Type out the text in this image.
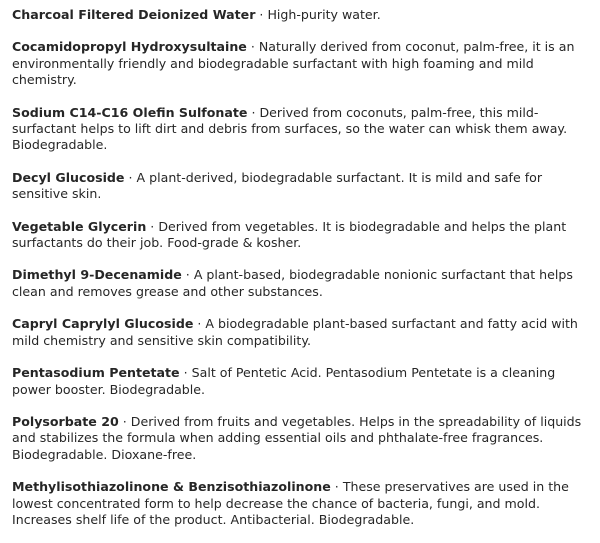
Charcoal Filtered Deionized Water · High-purity water.

Cocamidopropyl Hydroxysultaine · Naturally derived from coconut, palm-free, it is an environmentally friendly and biodegradable surfactant with high foaming and mild chemistry.

Sodium C14-C16 Olefin Sulfonate · Derived from coconuts, palm-free, this mild-surfactant helps to lift dirt and debris from surfaces, so the water can whisk them away. Biodegradable.

Decyl Glucoside · A plant-derived, biodegradable surfactant. It is mild and safe for sensitive skin.

Vegetable Glycerin · Derived from vegetables. It is biodegradable and helps the plant surfactants do their job. Food-grade & kosher.

Dimethyl 9-Decenamide · A plant-based, biodegradable nonionic surfactant that helps clean and removes grease and other substances.

Capryl Caprylyl Glucoside · A biodegradable plant-based surfactant and fatty acid with mild chemistry and sensitive skin compatibility.

Pentasodium Pentetate · Salt of Pentetic Acid. Pentasodium Pentetate is a cleaning power booster. Biodegradable.

Polysorbate 20 · Derived from fruits and vegetables. Helps in the spreadability of liquids and stabilizes the formula when adding essential oils and phthalate-free fragrances. Biodegradable. Dioxane-free.

Methylisothiazolinone & Benzisothiazolinone · These preservatives are used in the lowest concentrated form to help decrease the chance of bacteria, fungi, and mold. Increases shelf life of the product. Antibacterial. Biodegradable.
